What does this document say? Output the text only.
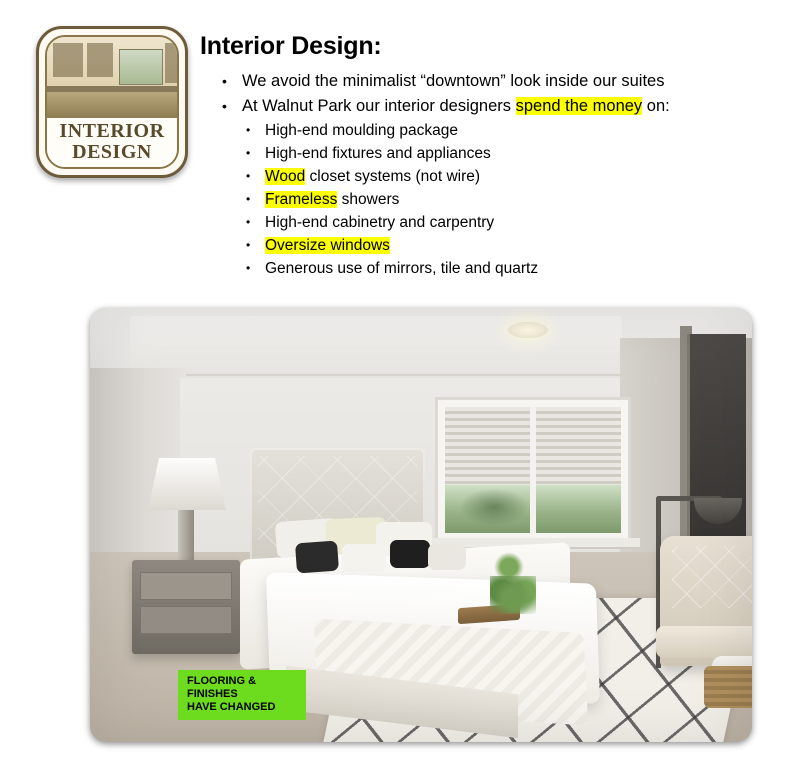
INTERIOR
DESIGN
Interior Design:
• We avoid the minimalist “downtown” look inside our suites
• At Walnut Park our interior designers spend the money on:
• High-end moulding package
• High-end fixtures and appliances
• Wood closet systems (not wire)
• Frameless showers
• High-end cabinetry and carpentry
• Oversize windows
• Generous use of mirrors, tile and quartz
FLOORING &
FINISHES
HAVE CHANGED
